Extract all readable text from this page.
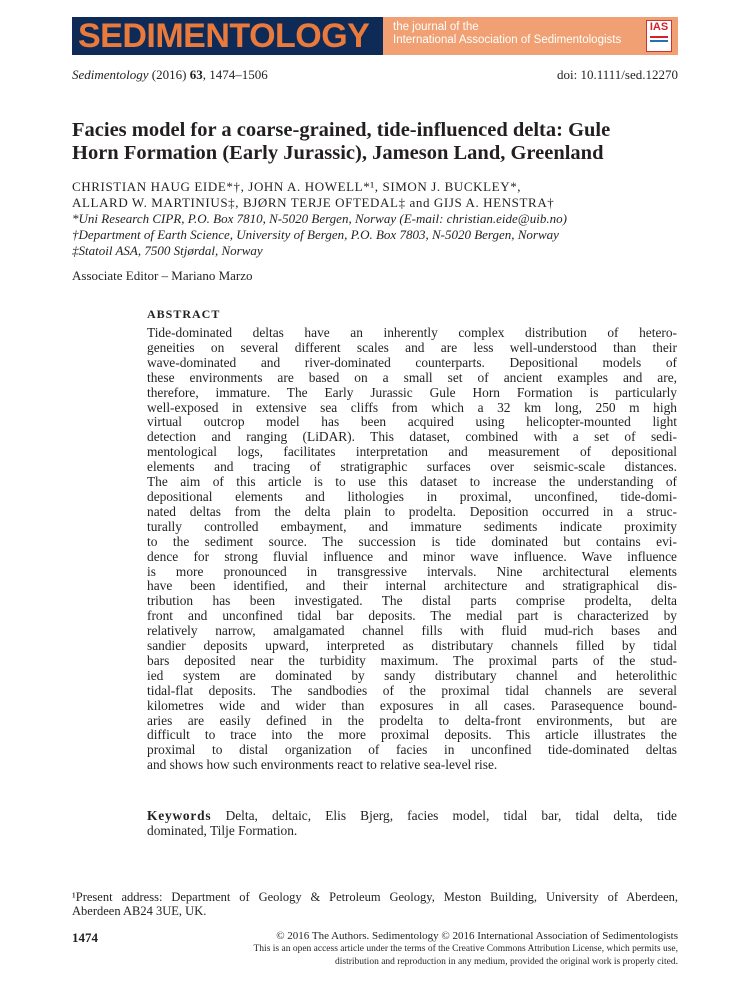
SEDIMENTOLOGY the journal of the
International Association of Sedimentologists
IAS
Sedimentology (2016) 63, 1474–1506	doi: 10.1111/sed.12270
Facies model for a coarse-grained, tide-influenced delta: Gule
Horn Formation (Early Jurassic), Jameson Land, Greenland
CHRISTIAN HAUG EIDE*†, JOHN A. HOWELL*¹, SIMON J. BUCKLEY*,
ALLARD W. MARTINIUS‡, BJØRN TERJE OFTEDAL‡ and GIJS A. HENSTRA†
*Uni Research CIPR, P.O. Box 7810, N-5020 Bergen, Norway (E-mail: christian.eide@uib.no)
†Department of Earth Science, University of Bergen, P.O. Box 7803, N-5020 Bergen, Norway
‡Statoil ASA, 7500 Stjørdal, Norway
Associate Editor – Mariano Marzo
ABSTRACT
Tide-dominated deltas have an inherently complex distribution of hetero-
geneities on several different scales and are less well-understood than their
wave-dominated and river-dominated counterparts. Depositional models of
these environments are based on a small set of ancient examples and are,
therefore, immature. The Early Jurassic Gule Horn Formation is particularly
well-exposed in extensive sea cliffs from which a 32 km long, 250 m high
virtual outcrop model has been acquired using helicopter-mounted light
detection and ranging (LiDAR). This dataset, combined with a set of sedi-
mentological logs, facilitates interpretation and measurement of depositional
elements and tracing of stratigraphic surfaces over seismic-scale distances.
The aim of this article is to use this dataset to increase the understanding of
depositional elements and lithologies in proximal, unconfined, tide-domi-
nated deltas from the delta plain to prodelta. Deposition occurred in a struc-
turally controlled embayment, and immature sediments indicate proximity
to the sediment source. The succession is tide dominated but contains evi-
dence for strong fluvial influence and minor wave influence. Wave influence
is more pronounced in transgressive intervals. Nine architectural elements
have been identified, and their internal architecture and stratigraphical dis-
tribution has been investigated. The distal parts comprise prodelta, delta
front and unconfined tidal bar deposits. The medial part is characterized by
relatively narrow, amalgamated channel fills with fluid mud-rich bases and
sandier deposits upward, interpreted as distributary channels filled by tidal
bars deposited near the turbidity maximum. The proximal parts of the stud-
ied system are dominated by sandy distributary channel and heterolithic
tidal-flat deposits. The sandbodies of the proximal tidal channels are several
kilometres wide and wider than exposures in all cases. Parasequence bound-
aries are easily defined in the prodelta to delta-front environments, but are
difficult to trace into the more proximal deposits. This article illustrates the
proximal to distal organization of facies in unconfined tide-dominated deltas
and shows how such environments react to relative sea-level rise.
Keywords Delta, deltaic, Elis Bjerg, facies model, tidal bar, tidal delta, tide
dominated, Tilje Formation.
¹Present address: Department of Geology & Petroleum Geology, Meston Building, University of Aberdeen,
Aberdeen AB24 3UE, UK.
1474	© 2016 The Authors. Sedimentology © 2016 International Association of Sedimentologists
This is an open access article under the terms of the Creative Commons Attribution License, which permits use,
distribution and reproduction in any medium, provided the original work is properly cited.
